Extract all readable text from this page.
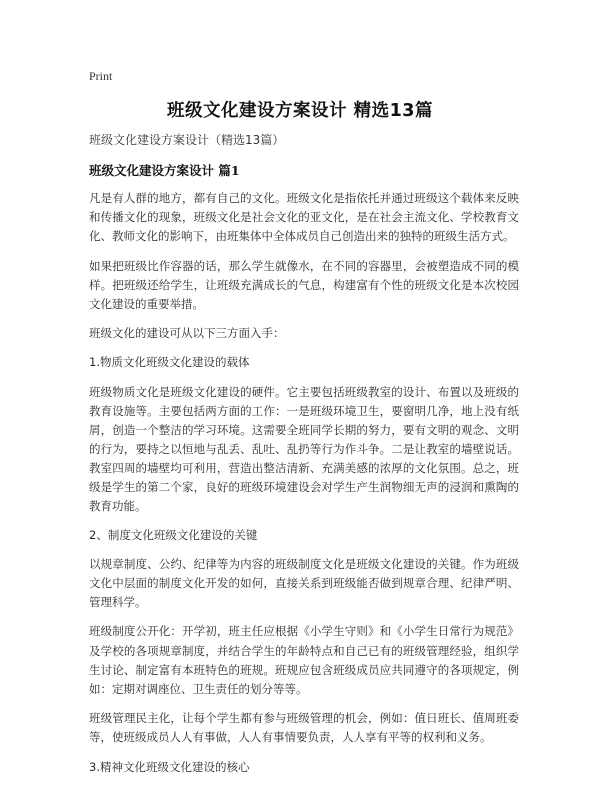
Print
班级文化建设方案设计 精选13篇
班级文化建设方案设计（精选13篇）
班级文化建设方案设计 篇1

凡是有人群的地方，都有自己的文化。班级文化是指依托并通过班级这个载体来反映和传播文化的现象，班级文化是社会文化的亚文化，是在社会主流文化、学校教育文化、教师文化的影响下，由班集体中全体成员自己创造出来的独特的班级生活方式。

如果把班级比作容器的话，那么学生就像水，在不同的容器里，会被塑造成不同的模样。把班级还给学生，让班级充满成长的气息，构建富有个性的班级文化是本次校园文化建设的重要举措。

班级文化的建设可从以下三方面入手：

1.物质文化班级文化建设的载体

班级物质文化是班级文化建设的硬件。它主要包括班级教室的设计、布置以及班级的教育设施等。主要包括两方面的工作：一是班级环境卫生，要窗明几净，地上没有纸屑，创造一个整洁的学习环境。这需要全班同学长期的努力，要有文明的观念、文明的行为，要持之以恒地与乱丢、乱吐、乱扔等行为作斗争。二是让教室的墙壁说话。教室四周的墙壁均可利用，营造出整洁清新、充满美感的浓厚的文化氛围。总之，班级是学生的第二个家，良好的班级环境建设会对学生产生润物细无声的浸润和熏陶的教育功能。

2、制度文化班级文化建设的关键

以规章制度、公约、纪律等为内容的班级制度文化是班级文化建设的关键。作为班级文化中层面的制度文化开发的如何，直接关系到班级能否做到规章合理、纪律严明、管理科学。

班级制度公开化：开学初，班主任应根据《小学生守则》和《小学生日常行为规范》及学校的各项规章制度，并结合学生的年龄特点和自己已有的班级管理经验，组织学生讨论、制定富有本班特色的班规。班规应包含班级成员应共同遵守的各项规定，例如：定期对调座位、卫生责任的划分等等。

班级管理民主化，让每个学生都有参与班级管理的机会，例如：值日班长、值周班委等，使班级成员人人有事做，人人有事情要负责，人人享有平等的权利和义务。

3.精神文化班级文化建设的核心
